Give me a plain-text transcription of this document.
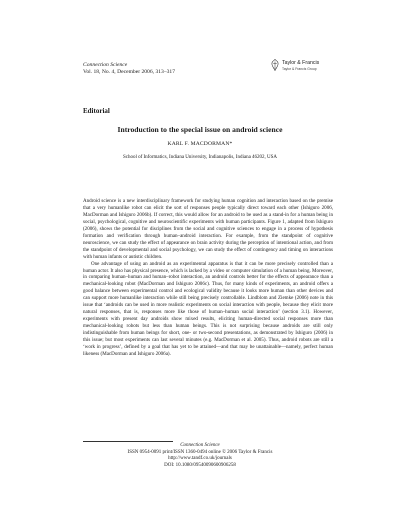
Connection Science
Vol. 18, No. 4, December 2006, 313–317
Taylor & Francis
Taylor & Francis Group
Editorial
Introduction to the special issue on android science
KARL F. MACDORMAN*
School of Informatics, Indiana University, Indianapolis, Indiana 46202, USA

Android science is a new interdisciplinary framework for studying human cognition and interaction based on the premise that a very humanlike robot can elicit the sort of responses people typically direct toward each other (Ishiguro 2006, MacDorman and Ishiguro 2006b). If correct, this would allow for an android to be used as a stand-in for a human being in social, psychological, cognitive and neuroscientific experiments with human participants. Figure 1, adapted from Ishiguro (2006), shows the potential for disciplines from the social and cognitive sciences to engage in a process of hypothesis formation and verification through human–android interaction. For example, from the standpoint of cognitive neuroscience, we can study the effect of appearance on brain activity during the perception of intentional action, and from the standpoint of developmental and social psychology, we can study the effect of contingency and timing on interactions with human infants or autistic children.

One advantage of using an android as an experimental apparatus is that it can be more precisely controlled than a human actor. It also has physical presence, which is lacked by a video or computer simulation of a human being. Moreover, in comparing human–human and human–robot interaction, an android controls better for the effects of appearance than a mechanical-looking robot (MacDorman and Ishiguro 2006c). Thus, for many kinds of experiments, an android offers a good balance between experimental control and ecological validity because it looks more human than other devices and can support more humanlike interaction while still being precisely controllable. Lindblom and Ziemke (2006) note in this issue that ‘androids can be used in more realistic experiments on social interaction with people, because they elicit more natural responses, that is, responses more like those of human–human social interaction’ (section 3.1). However, experiments with present day androids show mixed results, eliciting human-directed social responses more than mechanical-looking robots but less than human beings. This is not surprising because androids are still only indistinguishable from human beings for short, one- or two-second presentations, as demonstrated by Ishiguro (2006) in this issue; but most experiments can last several minutes (e.g. MacDorman et al. 2005). Thus, android robots are still a ‘work in progress’, defined by a goal that has yet to be attained—and that may be unattainable—namely, perfect human likeness (MacDorman and Ishiguro 2006a).

Connection Science
ISSN 0954-0091 print/ISSN 1360-0494 online © 2006 Taylor & Francis
http://www.tandf.co.uk/journals
DOI: 10.1080/09540090600906258
